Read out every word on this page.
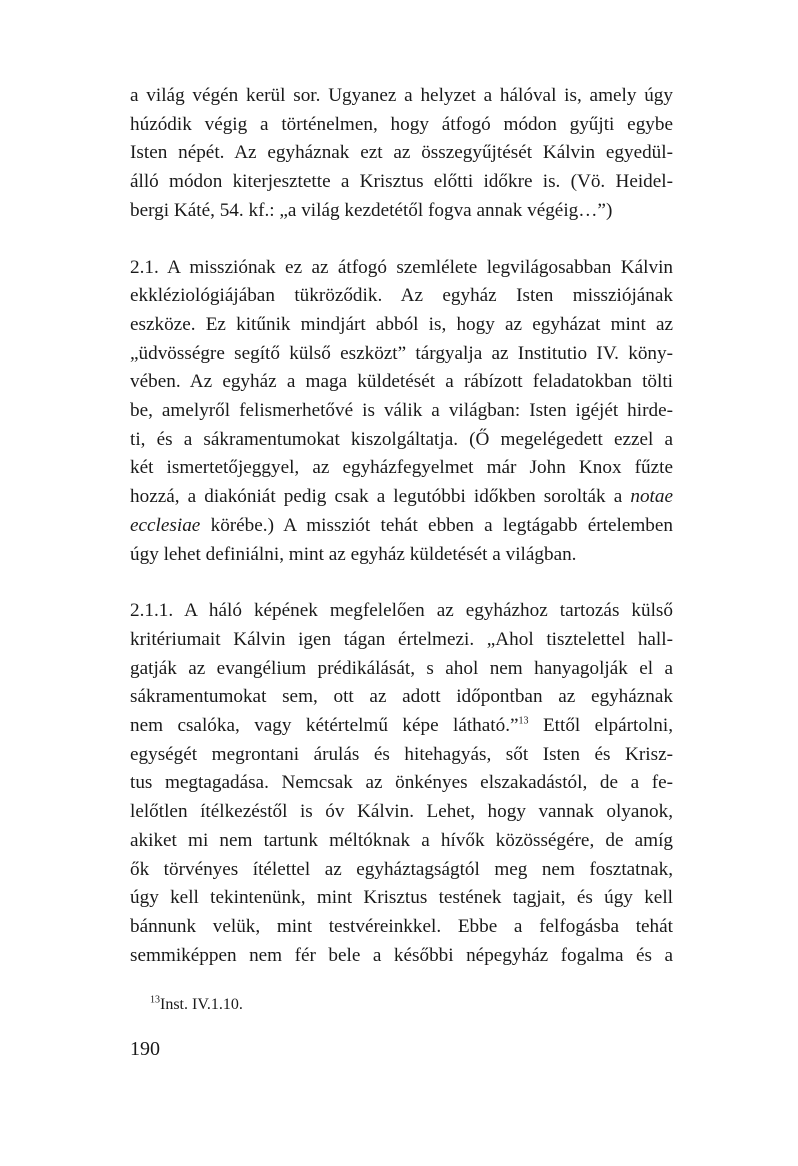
a világ végén kerül sor. Ugyanez a helyzet a hálóval is, amely úgy
húzódik végig a történelmen, hogy átfogó módon gyűjti egybe
Isten népét. Az egyháznak ezt az összegyűjtését Kálvin egyedül-
álló módon kiterjesztette a Krisztus előtti időkre is. (Vö. Heidel-
bergi Káté, 54. kf.: „a világ kezdetétől fogva annak végéig…”)

2.1. A missziónak ez az átfogó szemlélete legvilágosabban Kálvin
ekkléziológiájában tükröződik. Az egyház Isten missziójának
eszköze. Ez kitűnik mindjárt abból is, hogy az egyházat mint az
„üdvösségre segítő külső eszközt” tárgyalja az Institutio IV. köny-
vében. Az egyház a maga küldetését a rábízott feladatokban tölti
be, amelyről felismerhetővé is válik a világban: Isten igéjét hirde-
ti, és a sákramentumokat kiszolgáltatja. (Ő megelégedett ezzel a
két ismertetőjeggyel, az egyházfegyelmet már John Knox fűzte
hozzá, a diakóniát pedig csak a legutóbbi időkben sorolták a notae
ecclesiae körébe.) A missziót tehát ebben a legtágabb értelemben
úgy lehet definiálni, mint az egyház küldetését a világban.

2.1.1. A háló képének megfelelően az egyházhoz tartozás külső
kritériumait Kálvin igen tágan értelmezi. „Ahol tisztelettel hall-
gatják az evangélium prédikálását, s ahol nem hanyagolják el a
sákramentumokat sem, ott az adott időpontban az egyháznak
nem csalóka, vagy kétértelmű képe látható.”$^{13}$ Ettől elpártolni,
egységét megrontani árulás és hitehagyás, sőt Isten és Krisz-
tus megtagadása. Nemcsak az önkényes elszakadástól, de a fe-
lelőtlen ítélkezéstől is óv Kálvin. Lehet, hogy vannak olyanok,
akiket mi nem tartunk méltóknak a hívők közösségére, de amíg
ők törvényes ítélettel az egyháztagságtól meg nem fosztatnak,
úgy kell tekintenünk, mint Krisztus testének tagjait, és úgy kell
bánnunk velük, mint testvéreinkkel. Ebbe a felfogásba tehát
semmiképpen nem fér bele a későbbi népegyház fogalma és a

$^{13}$Inst. IV.1.10.
190
